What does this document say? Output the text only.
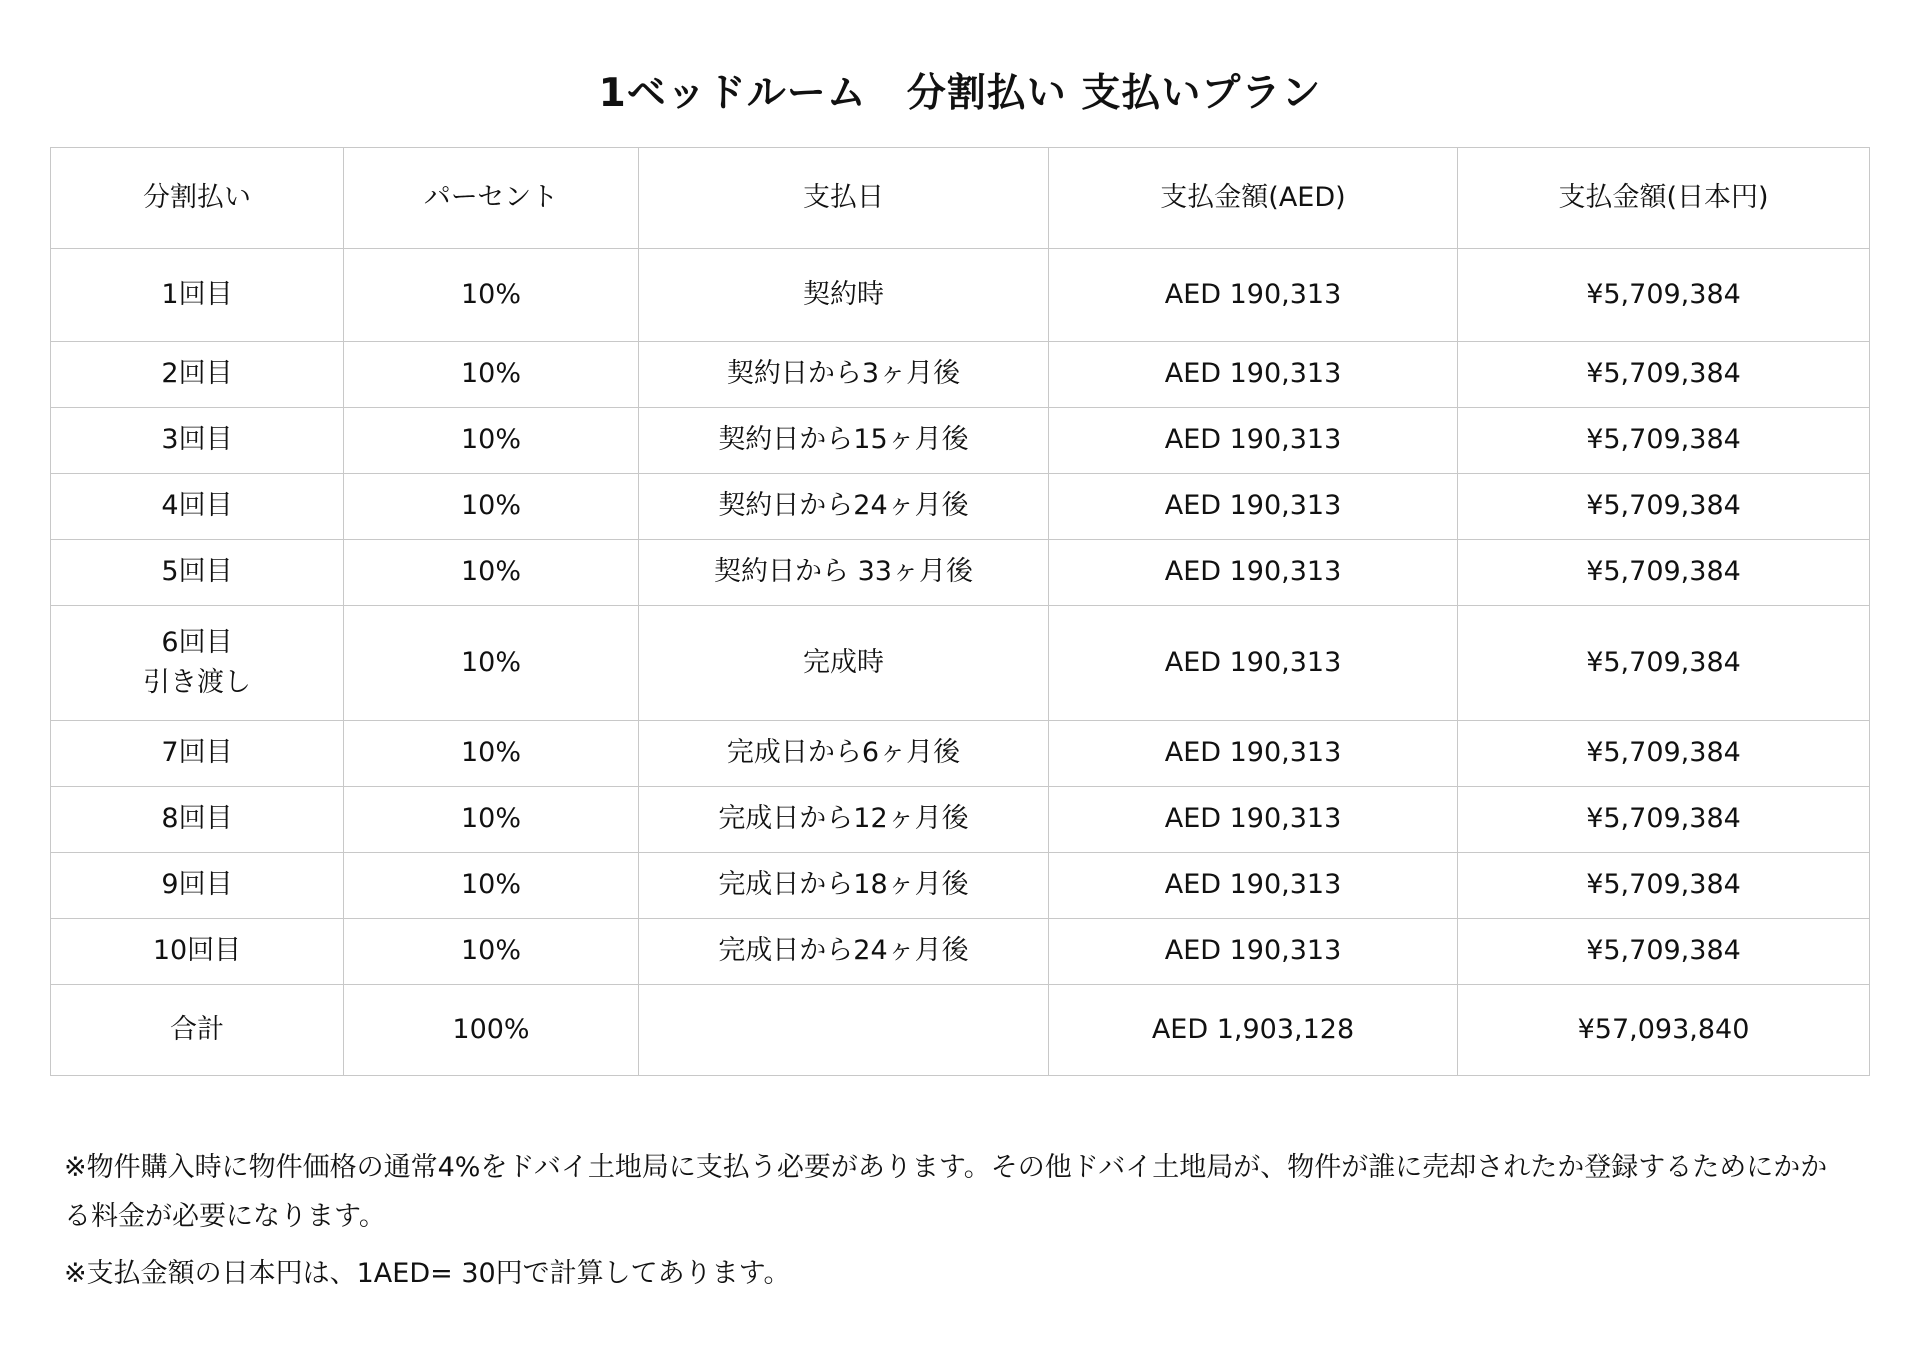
1ベッドルーム　分割払い 支払いプラン
分割払い	パーセント	支払日	支払金額(AED)	支払金額(日本円)
1回目	10%	契約時	AED 190,313	¥5,709,384
2回目	10%	契約日から3ヶ月後	AED 190,313	¥5,709,384
3回目	10%	契約日から15ヶ月後	AED 190,313	¥5,709,384
4回目	10%	契約日から24ヶ月後	AED 190,313	¥5,709,384
5回目	10%	契約日から 33ヶ月後	AED 190,313	¥5,709,384

6回目
引き渡し	10%	完成時	AED 190,313	¥5,709,384
7回目	10%	完成日から6ヶ月後	AED 190,313	¥5,709,384
8回目	10%	完成日から12ヶ月後	AED 190,313	¥5,709,384
9回目	10%	完成日から18ヶ月後	AED 190,313	¥5,709,384
10回目	10%	完成日から24ヶ月後	AED 190,313	¥5,709,384
合計	100%		AED 1,903,128	¥57,093,840

※物件購入時に物件価格の通常4%をドバイ土地局に支払う必要があります。その他ドバイ土地局が、物件が誰に売却されたか登録するためにかかる料金が必要になります。

※支払金額の日本円は、1AED= 30円で計算してあります。
